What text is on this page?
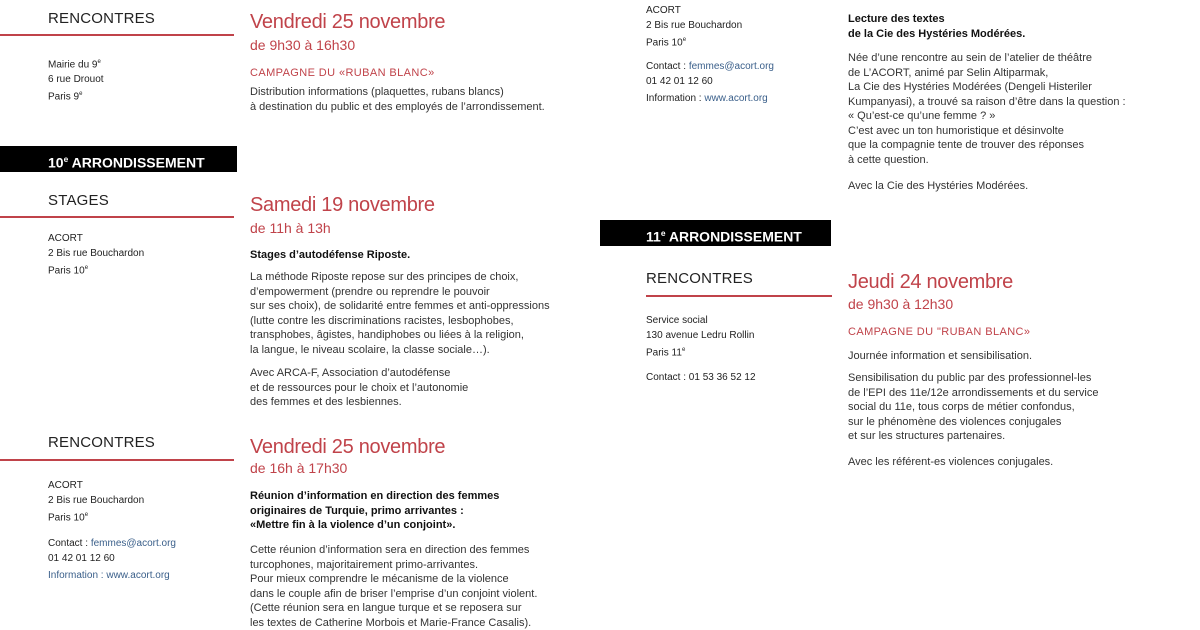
RENCONTRES
Mairie du 9e
6 rue Drouot
Paris 9e
Vendredi 25 novembre
de 9h30 à 16h30
CAMPAGNE DU «RUBAN BLANC»
Distribution informations (plaquettes, rubans blancs)
à destination du public et des employés de l’arrondissement.
10e ARRONDISSEMENT
STAGES
ACORT
2 Bis rue Bouchardon
Paris 10e
Samedi 19 novembre
de 11h à 13h
Stages d’autodéfense Riposte.
La méthode Riposte repose sur des principes de choix,
d’empowerment (prendre ou reprendre le pouvoir
sur ses choix), de solidarité entre femmes et anti-oppressions
(lutte contre les discriminations racistes, lesbophobes,
transphobes, âgistes, handiphobes ou liées à la religion,
la langue, le niveau scolaire, la classe sociale…).
Avec ARCA-F, Association d’autodéfense
et de ressources pour le choix et l’autonomie
des femmes et des lesbiennes.
RENCONTRES
ACORT
2 Bis rue Bouchardon
Paris 10e
Contact : femmes@acort.org
01 42 01 12 60
Information : www.acort.org
Vendredi 25 novembre
de 16h à 17h30
Réunion d’information en direction des femmes
originaires de Turquie, primo arrivantes :
«Mettre fin à la violence d’un conjoint».
Cette réunion d’information sera en direction des femmes
turcophones, majoritairement primo-arrivantes.
Pour mieux comprendre le mécanisme de la violence
dans le couple afin de briser l’emprise d’un conjoint violent.
(Cette réunion sera en langue turque et se reposera sur
les textes de Catherine Morbois et Marie-France Casalis).
ACORT
2 Bis rue Bouchardon
Paris 10e
Contact : femmes@acort.org
01 42 01 12 60
Information : www.acort.org
Lecture des textes
de la Cie des Hystéries Modérées.
Née d’une rencontre au sein de l’atelier de théâtre
de L’ACORT, animé par Selin Altiparmak,
La Cie des Hystéries Modérées (Dengeli Histeriler
Kumpanyasi), a trouvé sa raison d’être dans la question :
« Qu’est-ce qu’une femme ? »
C’est avec un ton humoristique et désinvolte
que la compagnie tente de trouver des réponses
à cette question.
Avec la Cie des Hystéries Modérées.
11e ARRONDISSEMENT
RENCONTRES
Service social
130 avenue Ledru Rollin
Paris 11e
Contact : 01 53 36 52 12
Jeudi 24 novembre
de 9h30 à 12h30
CAMPAGNE DU "RUBAN BLANC»
Journée information et sensibilisation.
Sensibilisation du public par des professionnel-les
de l’EPI des 11e/12e arrondissements et du service
social du 11e, tous corps de métier confondus,
sur le phénomène des violences conjugales
et sur les structures partenaires.
Avec les référent-es violences conjugales.
